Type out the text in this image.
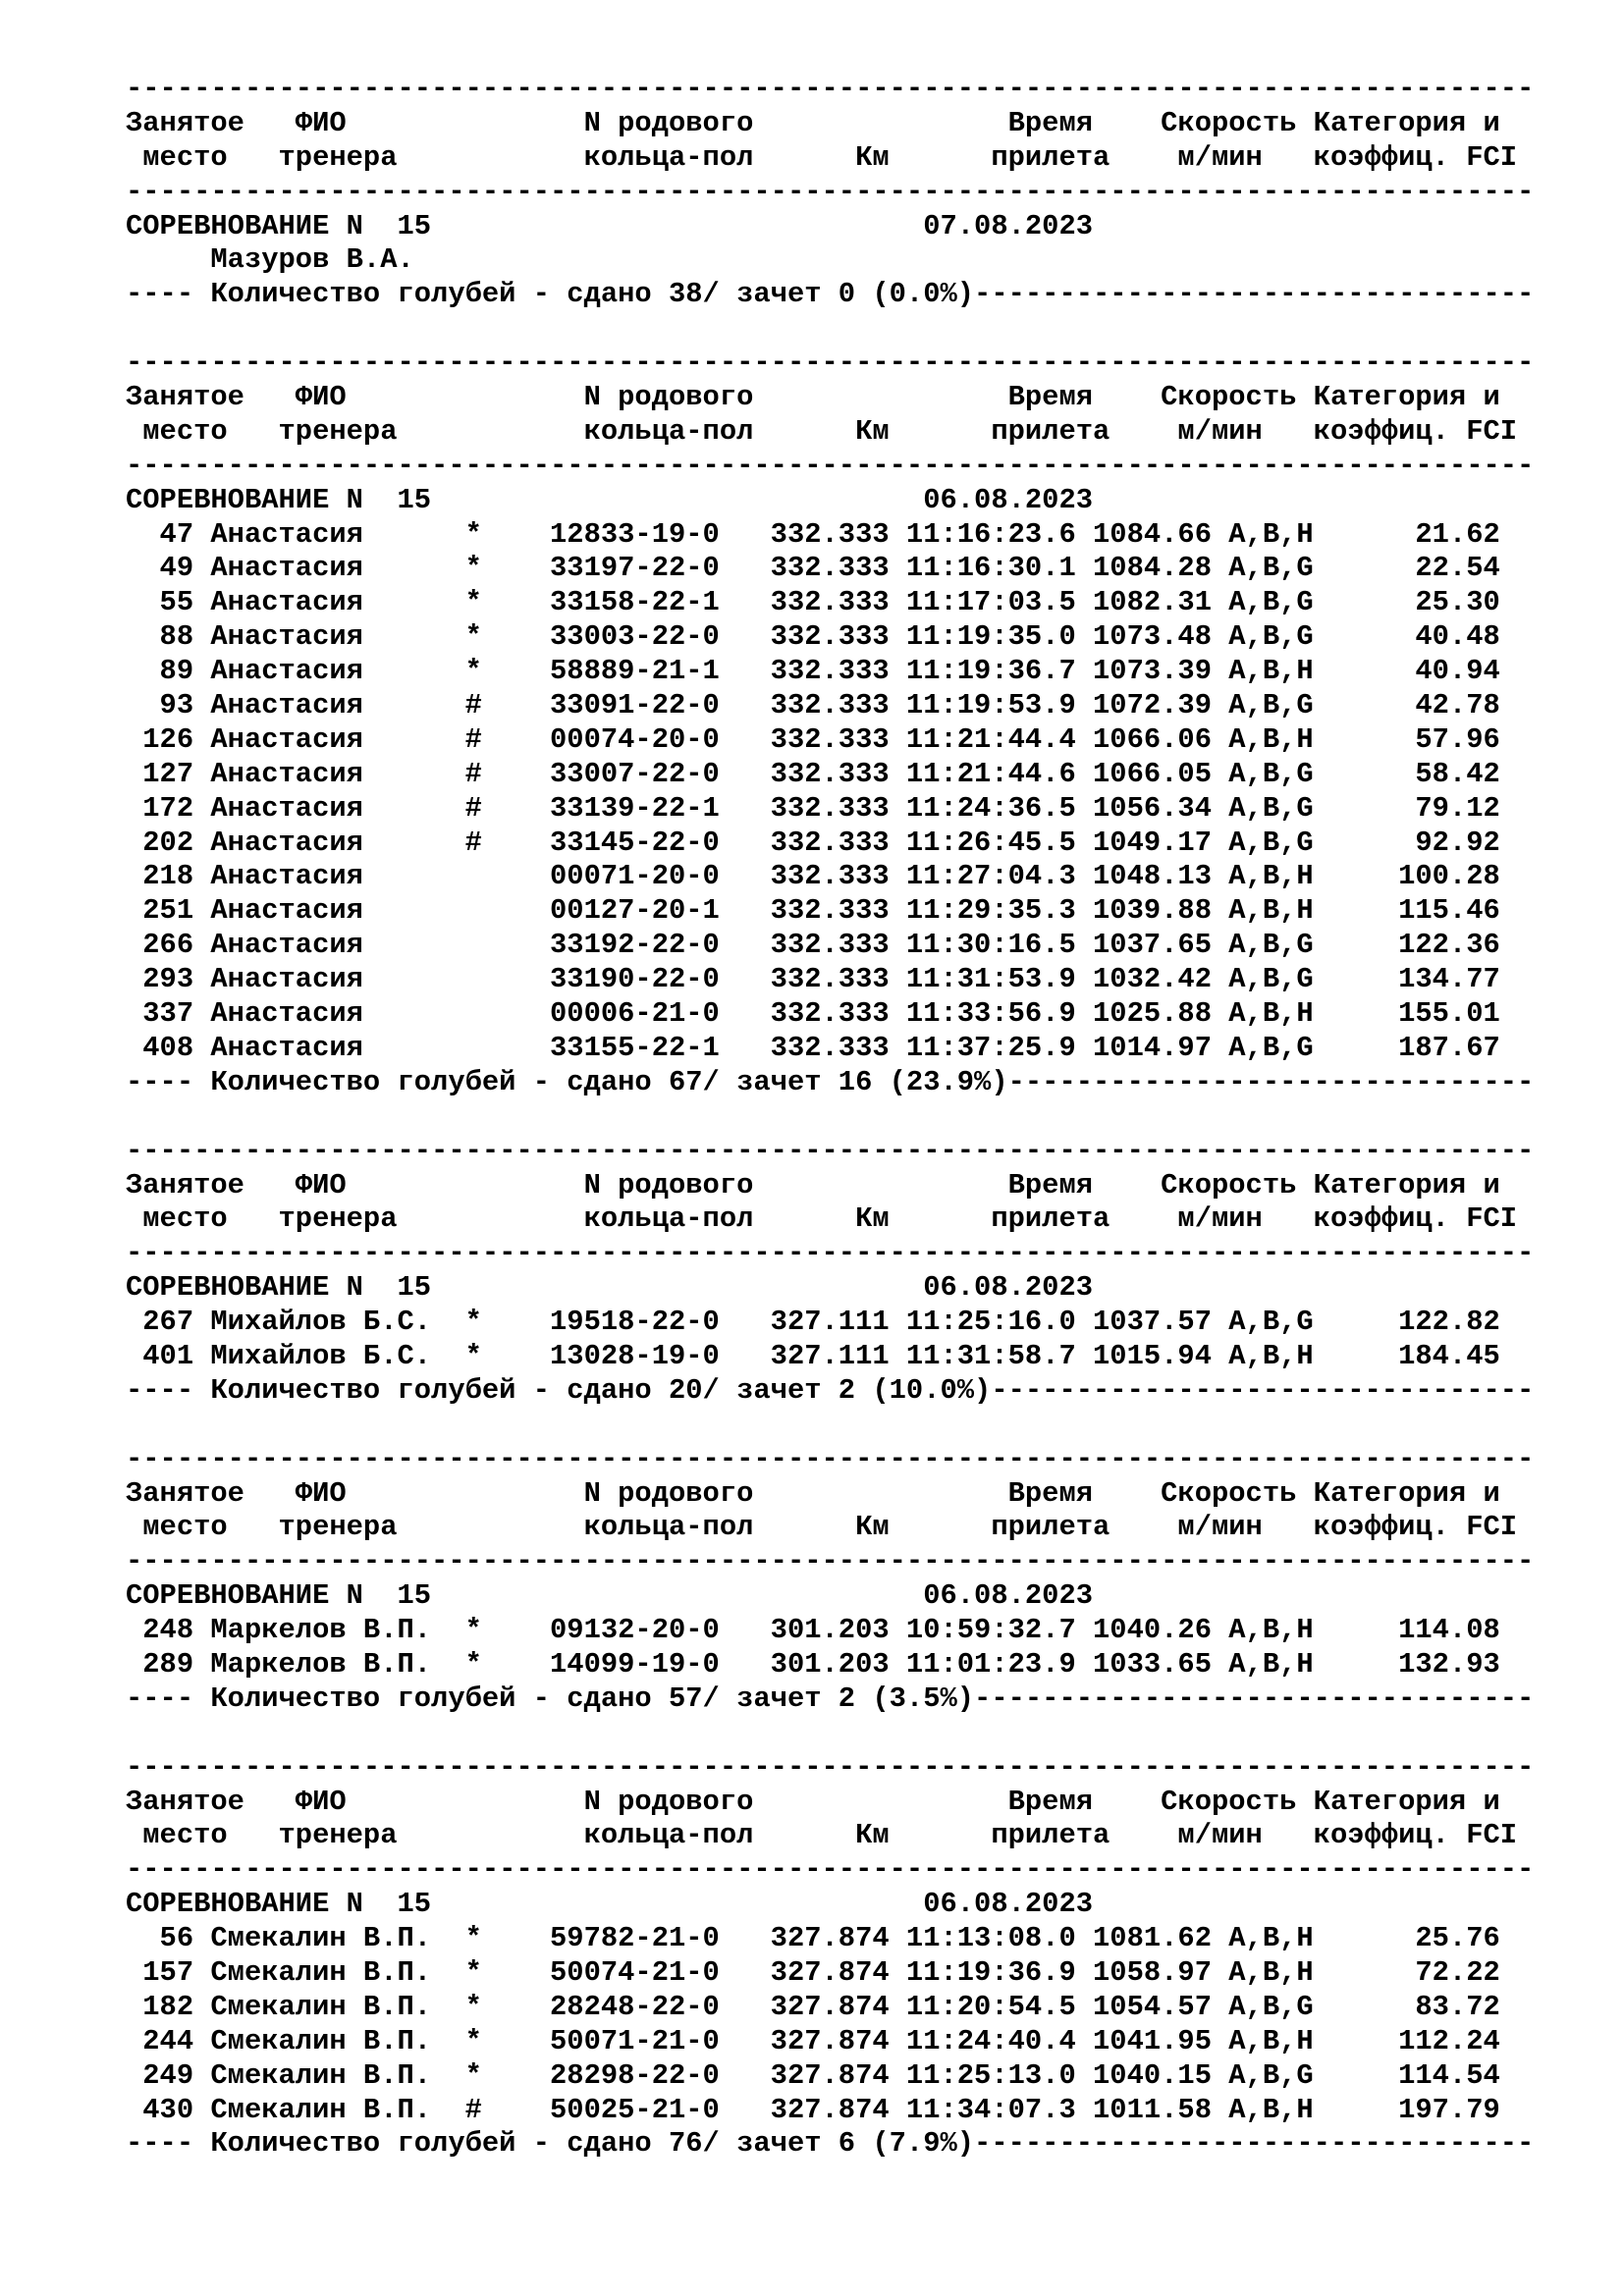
-----------------------------------------------------------------------------------
Занятое   ФИО              N родового               Время    Скорость Категория и
место   тренера           кольца-пол      Км      прилета    м/мин   коэффиц. FCI
-----------------------------------------------------------------------------------
СОРЕВНОВАНИЕ N  15                             07.08.2023
Мазуров В.А.
---- Количество голубей - сдано 38/ зачет 0 (0.0%)---------------------------------

-----------------------------------------------------------------------------------
Занятое   ФИО              N родового               Время    Скорость Категория и
место   тренера           кольца-пол      Км      прилета    м/мин   коэффиц. FCI
-----------------------------------------------------------------------------------
СОРЕВНОВАНИЕ N  15                             06.08.2023
47 Анастасия      *    12833-19-0   332.333 11:16:23.6 1084.66 A,B,H      21.62
49 Анастасия      *    33197-22-0   332.333 11:16:30.1 1084.28 A,B,G      22.54
55 Анастасия      *    33158-22-1   332.333 11:17:03.5 1082.31 A,B,G      25.30
88 Анастасия      *    33003-22-0   332.333 11:19:35.0 1073.48 A,B,G      40.48
89 Анастасия      *    58889-21-1   332.333 11:19:36.7 1073.39 A,B,H      40.94
93 Анастасия      #    33091-22-0   332.333 11:19:53.9 1072.39 A,B,G      42.78
126 Анастасия      #    00074-20-0   332.333 11:21:44.4 1066.06 A,B,H      57.96
127 Анастасия      #    33007-22-0   332.333 11:21:44.6 1066.05 A,B,G      58.42
172 Анастасия      #    33139-22-1   332.333 11:24:36.5 1056.34 A,B,G      79.12
202 Анастасия      #    33145-22-0   332.333 11:26:45.5 1049.17 A,B,G      92.92
218 Анастасия           00071-20-0   332.333 11:27:04.3 1048.13 A,B,H     100.28
251 Анастасия           00127-20-1   332.333 11:29:35.3 1039.88 A,B,H     115.46
266 Анастасия           33192-22-0   332.333 11:30:16.5 1037.65 A,B,G     122.36
293 Анастасия           33190-22-0   332.333 11:31:53.9 1032.42 A,B,G     134.77
337 Анастасия           00006-21-0   332.333 11:33:56.9 1025.88 A,B,H     155.01
408 Анастасия           33155-22-1   332.333 11:37:25.9 1014.97 A,B,G     187.67
---- Количество голубей - сдано 67/ зачет 16 (23.9%)-------------------------------

-----------------------------------------------------------------------------------
Занятое   ФИО              N родового               Время    Скорость Категория и
место   тренера           кольца-пол      Км      прилета    м/мин   коэффиц. FCI
-----------------------------------------------------------------------------------
СОРЕВНОВАНИЕ N  15                             06.08.2023
267 Михайлов Б.С.  *    19518-22-0   327.111 11:25:16.0 1037.57 A,B,G     122.82
401 Михайлов Б.С.  *    13028-19-0   327.111 11:31:58.7 1015.94 A,B,H     184.45
---- Количество голубей - сдано 20/ зачет 2 (10.0%)--------------------------------

-----------------------------------------------------------------------------------
Занятое   ФИО              N родового               Время    Скорость Категория и
место   тренера           кольца-пол      Км      прилета    м/мин   коэффиц. FCI
-----------------------------------------------------------------------------------
СОРЕВНОВАНИЕ N  15                             06.08.2023
248 Маркелов В.П.  *    09132-20-0   301.203 10:59:32.7 1040.26 A,B,H     114.08
289 Маркелов В.П.  *    14099-19-0   301.203 11:01:23.9 1033.65 A,B,H     132.93
---- Количество голубей - сдано 57/ зачет 2 (3.5%)---------------------------------

-----------------------------------------------------------------------------------
Занятое   ФИО              N родового               Время    Скорость Категория и
место   тренера           кольца-пол      Км      прилета    м/мин   коэффиц. FCI
-----------------------------------------------------------------------------------
СОРЕВНОВАНИЕ N  15                             06.08.2023
56 Смекалин В.П.  *    59782-21-0   327.874 11:13:08.0 1081.62 A,B,H      25.76
157 Смекалин В.П.  *    50074-21-0   327.874 11:19:36.9 1058.97 A,B,H      72.22
182 Смекалин В.П.  *    28248-22-0   327.874 11:20:54.5 1054.57 A,B,G      83.72
244 Смекалин В.П.  *    50071-21-0   327.874 11:24:40.4 1041.95 A,B,H     112.24
249 Смекалин В.П.  *    28298-22-0   327.874 11:25:13.0 1040.15 A,B,G     114.54
430 Смекалин В.П.  #    50025-21-0   327.874 11:34:07.3 1011.58 A,B,H     197.79
---- Количество голубей - сдано 76/ зачет 6 (7.9%)---------------------------------
